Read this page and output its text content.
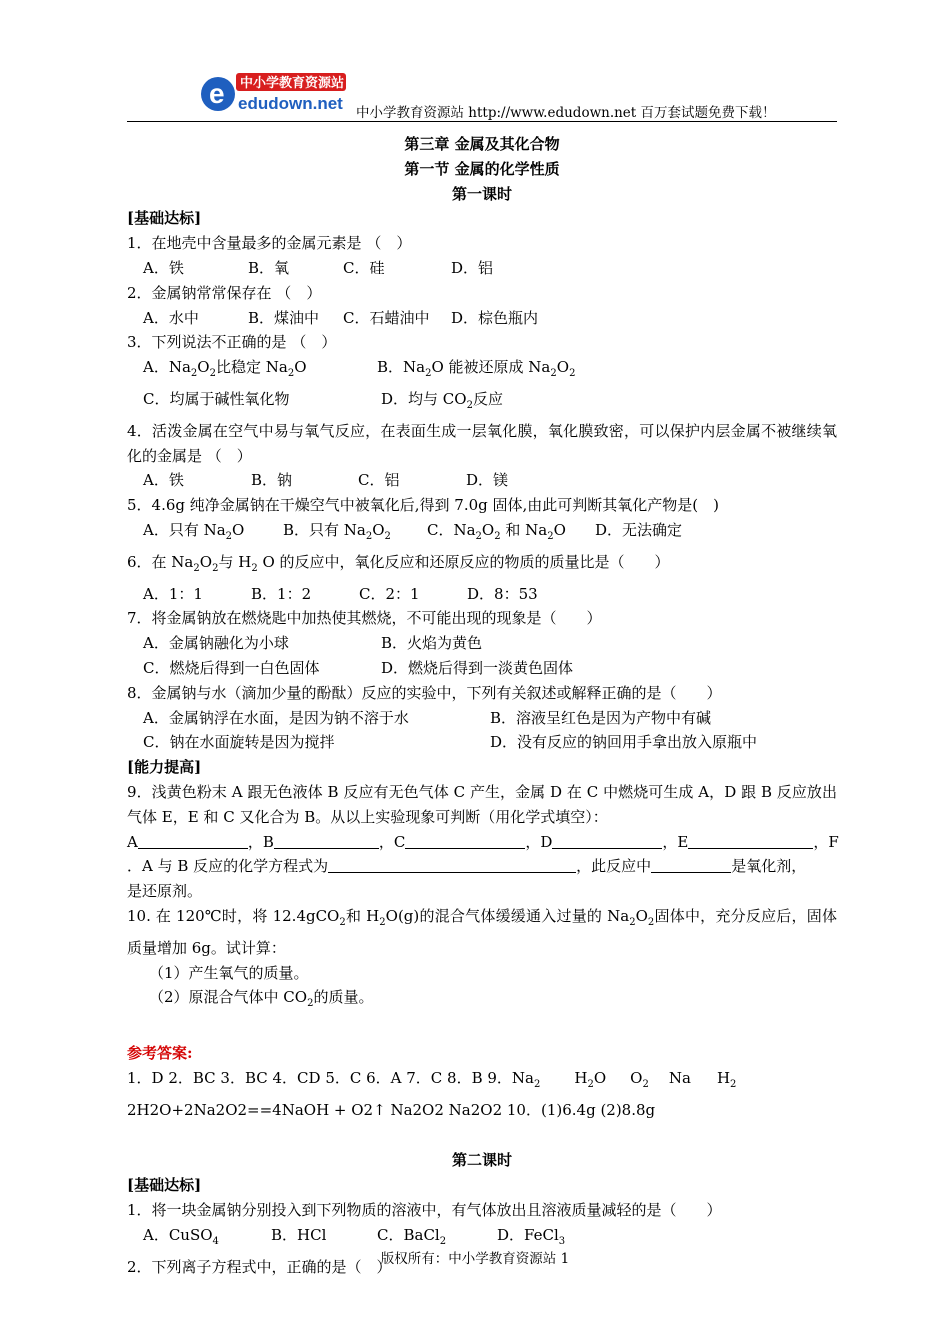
e 中小学教育资源站
edudown.net 中小学教育资源站 http://www.edudown.net 百万套试题免费下载！
第三章 金属及其化合物
第一节 金属的化学性质
第一课时
[基础达标]
1．在地壳中含量最多的金属元素是 （　）
A．铁	B．氧	C．硅	D．铝
2．金属钠常常保存在 （　）
A．水中	B．煤油中	C．石蜡油中	D．棕色瓶内
3．下列说法不正确的是 （　）
A．$Na_2O_2$比稳定 $Na_2O$	B．$Na_2O$ 能被还原成 $Na_2O_2$
C．均属于碱性氧化物	D．均与 $CO_2$反应
4．活泼金属在空气中易与氧气反应，在表面生成一层氧化膜，氧化膜致密，可以保护内层金属不被继续氧化的金属是 （　）
A．铁	B．钠	C．铝	D．镁
5．4.6g 纯净金属钠在干燥空气中被氧化后,得到 7.0g 固体,由此可判断其氧化产物是(　)
A．只有 $Na_2O$	B．只有 $Na_2O_2$	C．$Na_2O_2$ 和 $Na_2O$	D．无法确定
6．在 $Na_2O_2$与 $H_2$ O 的反应中，氧化反应和还原反应的物质的质量比是（　　）
A．1：1	B．1：2	C．2：1	D．8：53
7．将金属钠放在燃烧匙中加热使其燃烧，不可能出现的现象是（　　）
A．金属钠融化为小球	B．火焰为黄色
C．燃烧后得到一白色固体	D．燃烧后得到一淡黄色固体
8．金属钠与水（滴加少量的酚酞）反应的实验中，下列有关叙述或解释正确的是（　　）
A．金属钠浮在水面，是因为钠不溶于水	B．溶液呈红色是因为产物中有碱
C．钠在水面旋转是因为搅拌	D．没有反应的钠回用手拿出放入原瓶中
[能力提高]
9．浅黄色粉末 A 跟无色液体 B 反应有无色气体 C 产生，金属 D 在 C 中燃烧可生成 A，D 跟 B 反应放出气体 E，E 和 C 又化合为 B。从以上实验现象可判断（用化学式填空）：
A	，B	，C	，D	，E	，F
．A 与 B 反应的化学方程式为	，此反应中	是氧化剂，
是还原剂。
10. 在 120℃时，将 12.4gCO$_2$和 $H_2O(g)$的混合气体缓缓通入过量的 $Na_2O_2$固体中，充分反应后，固体质量增加 6g。试计算：
（1）产生氧气的质量。
（2）原混合气体中 $CO_2$的质量。
参考答案:
1．D 2．BC 3．BC 4．CD 5．C 6．A 7．C 8．B 9．$Na_2$ $H_2O$ $O_2$ Na $H_2$
2H2O+2Na2O2==4NaOH + O2↑ Na2O2 Na2O2 10．(1)6.4g (2)8.8g
第二课时
[基础达标]
1．将一块金属钠分别投入到下列物质的溶液中，有气体放出且溶液质量减轻的是（　　）
A．CuSO$_4$	B．HCl	C．BaCl$_2$	D．FeCl$_3$
2．下列离子方程式中，正确的是（　）
版权所有：中小学教育资源站 1
